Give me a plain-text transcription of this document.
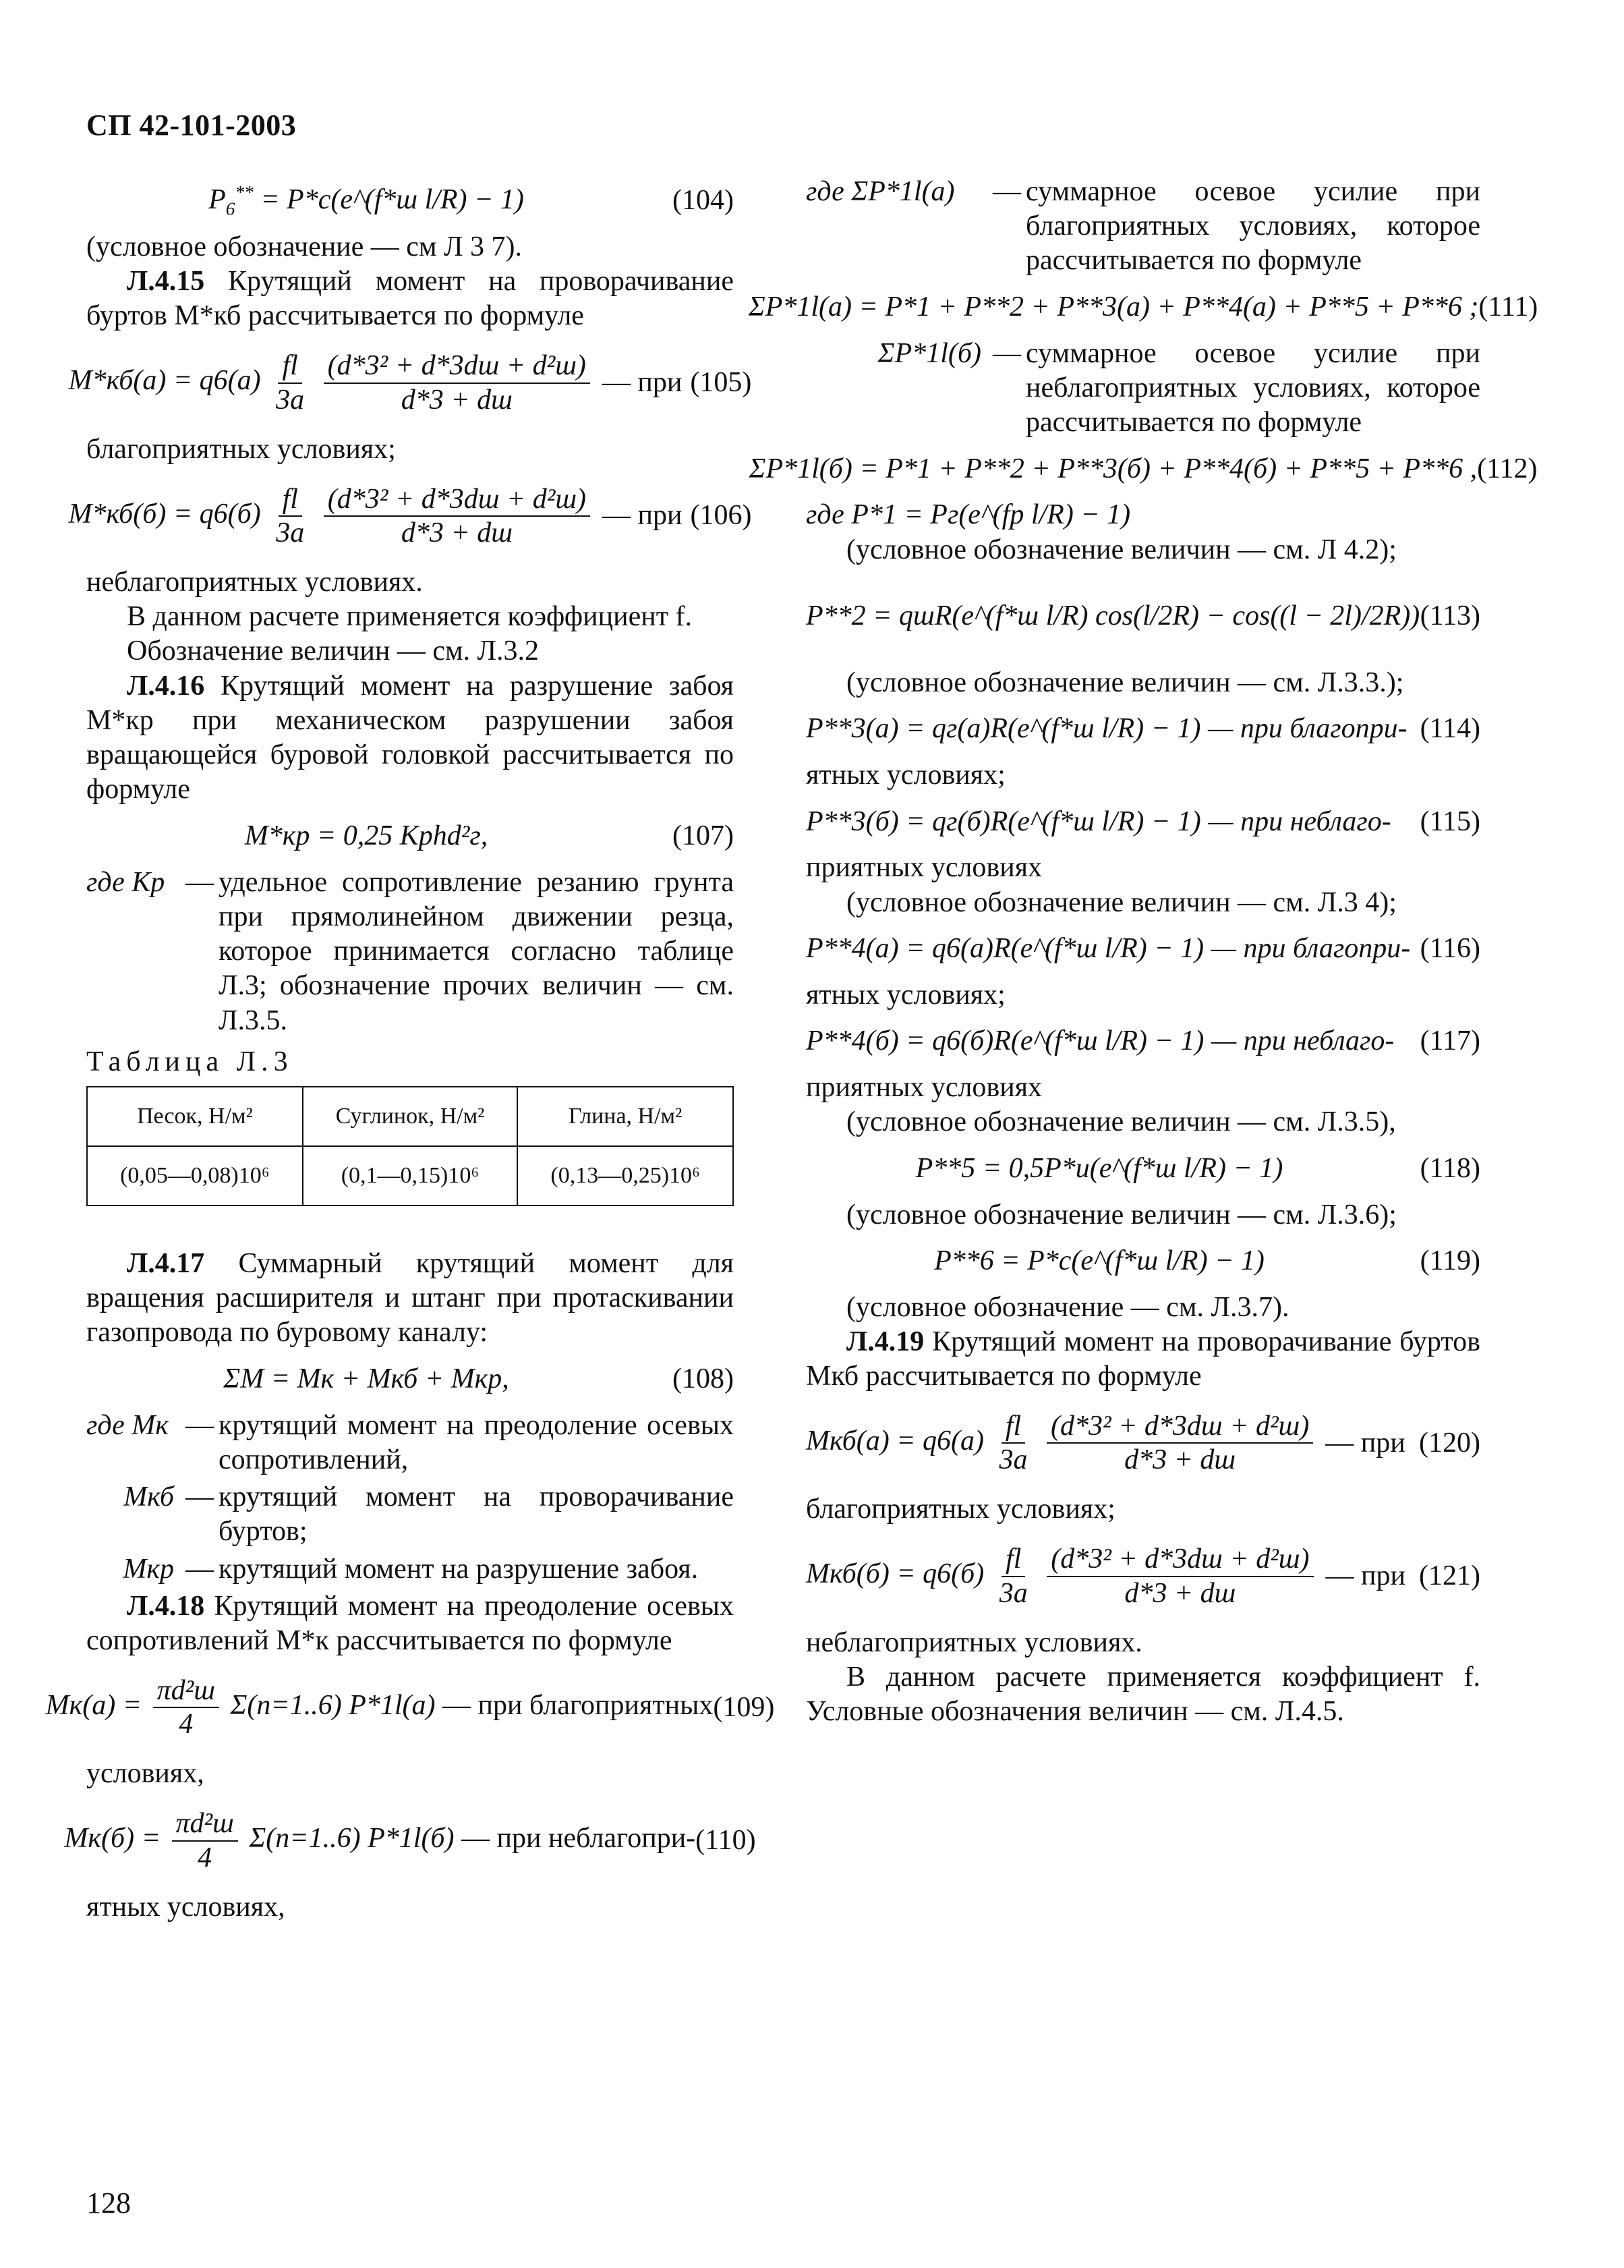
СП 42-101-2003
$P_6^{**}$ = P*c(e^(f*ш l/R) − 1)	(104)

(условное обозначение — см Л 3 7).

Л.4.15 Крутящий момент на проворачивание буртов M*кб рассчитывается по формуле

$M*кб(а) = q6(а) \frac{fl}{3a}$
$\frac{\text{(d*3² + d*3dш + d²ш)}}{d*3 + dш}$ — при (105)

благоприятных условиях;

$M*кб(б) = q6(б) \frac{fl}{3a}$
$\frac{\text{(d*3² + d*3dш + d²ш)}}{d*3 + dш}$ — при (106)

неблагоприятных условиях.

В данном расчете применяется коэффициент f.

Обозначение величин — см. Л.3.2

Л.4.16 Крутящий момент на разрушение забоя M*кр при механическом разрушении забоя вращающейся буровой головкой рассчитывается по формуле

M*кр = 0,25 Kрhd²г,	(107)
где Kр — удельное сопротивление резанию грунта при прямолинейном движении резца, которое принимается согласно таблице Л.3; обозначение прочих величин — см. Л.3.5.

Таблица Л.3

Песок, Н/м²	Суглинок, Н/м²	Глина, Н/м²
(0,05—0,08)10⁶	(0,1—0,15)10⁶	(0,13—0,25)10⁶

Л.4.17 Суммарный крутящий момент для вращения расширителя и штанг при протаскивании газопровода по буровому каналу:

ΣM = Mк + Mкб + Mкр,	(108)
где Mк — крутящий момент на преодоление осевых сопротивлений,
Mкб — крутящий момент на проворачивание буртов;
Mкр — крутящий момент на разрушение забоя.

Л.4.18 Крутящий момент на преодоление осевых сопротивлений M*к рассчитывается по формуле

$Mк(а) = \frac{\text{πd²ш}}{4} \Sigma(n=1..6)$ P*1l(а) — при благоприятных (109)

условиях,

$Mк(б) = \frac{\text{πd²ш}}{4} \Sigma(n=1..6)$ P*1l(б) — при неблагопри- (110)

ятных условиях,

где ΣP*1l(а)	— суммарное осевое усилие при благоприятных условиях, которое рассчитывается по формуле
ΣP*1l(а) = P*1 + P**2 + P**3(а) + P**4(а) + P**5 + P**6 ; (111)
ΣP*1l(б) — суммарное осевое усилие при неблагоприятных условиях, которое рассчитывается по формуле
ΣP*1l(б) = P*1 + P**2 + P**3(б) + P**4(б) + P**5 + P**6 , (112)

где P*1 = Pг(e^(fр l/R) − 1)

(условное обозначение величин — см. Л 4.2);

P**2 = qшR(e^(f*ш l/R) cos(l/2R) − cos((l − 2l)/2R)) (113)

(условное обозначение величин — см. Л.3.3.);

P**3(а) = qг(а)R(e^(f*ш l/R) − 1) — при благопри- (114)

ятных условиях;

P**3(б) = qг(б)R(e^(f*ш l/R) − 1) — при неблаго-	(115)

приятных условиях

(условное обозначение величин — см. Л.3 4);

P**4(а) = q6(а)R(e^(f*ш l/R) − 1) — при благопри- (116)

ятных условиях;

P**4(б) = q6(б)R(e^(f*ш l/R) − 1) — при неблаго- (117)

приятных условиях

(условное обозначение величин — см. Л.3.5),

P**5 = 0,5P*и(e^(f*ш l/R) − 1)	(118)

(условное обозначение величин — см. Л.3.6);

P**6 = P*c(e^(f*ш l/R) − 1)	(119)

(условное обозначение — см. Л.3.7).

Л.4.19 Крутящий момент на проворачивание буртов Mкб рассчитывается по формуле

$Mкб(а) = q6(а) \frac{fl}{3a}$
$\frac{\text{(d*3² + d*3dш + d²ш)}}{d*3 + dш}$ — при (120)

благоприятных условиях;

$Mкб(б) = q6(б) \frac{fl}{3a}$
$\frac{\text{(d*3² + d*3dш + d²ш)}}{d*3 + dш}$ — при (121)

неблагоприятных условиях.

В данном расчете применяется коэффициент f. Условные обозначения величин — см. Л.4.5.

128
